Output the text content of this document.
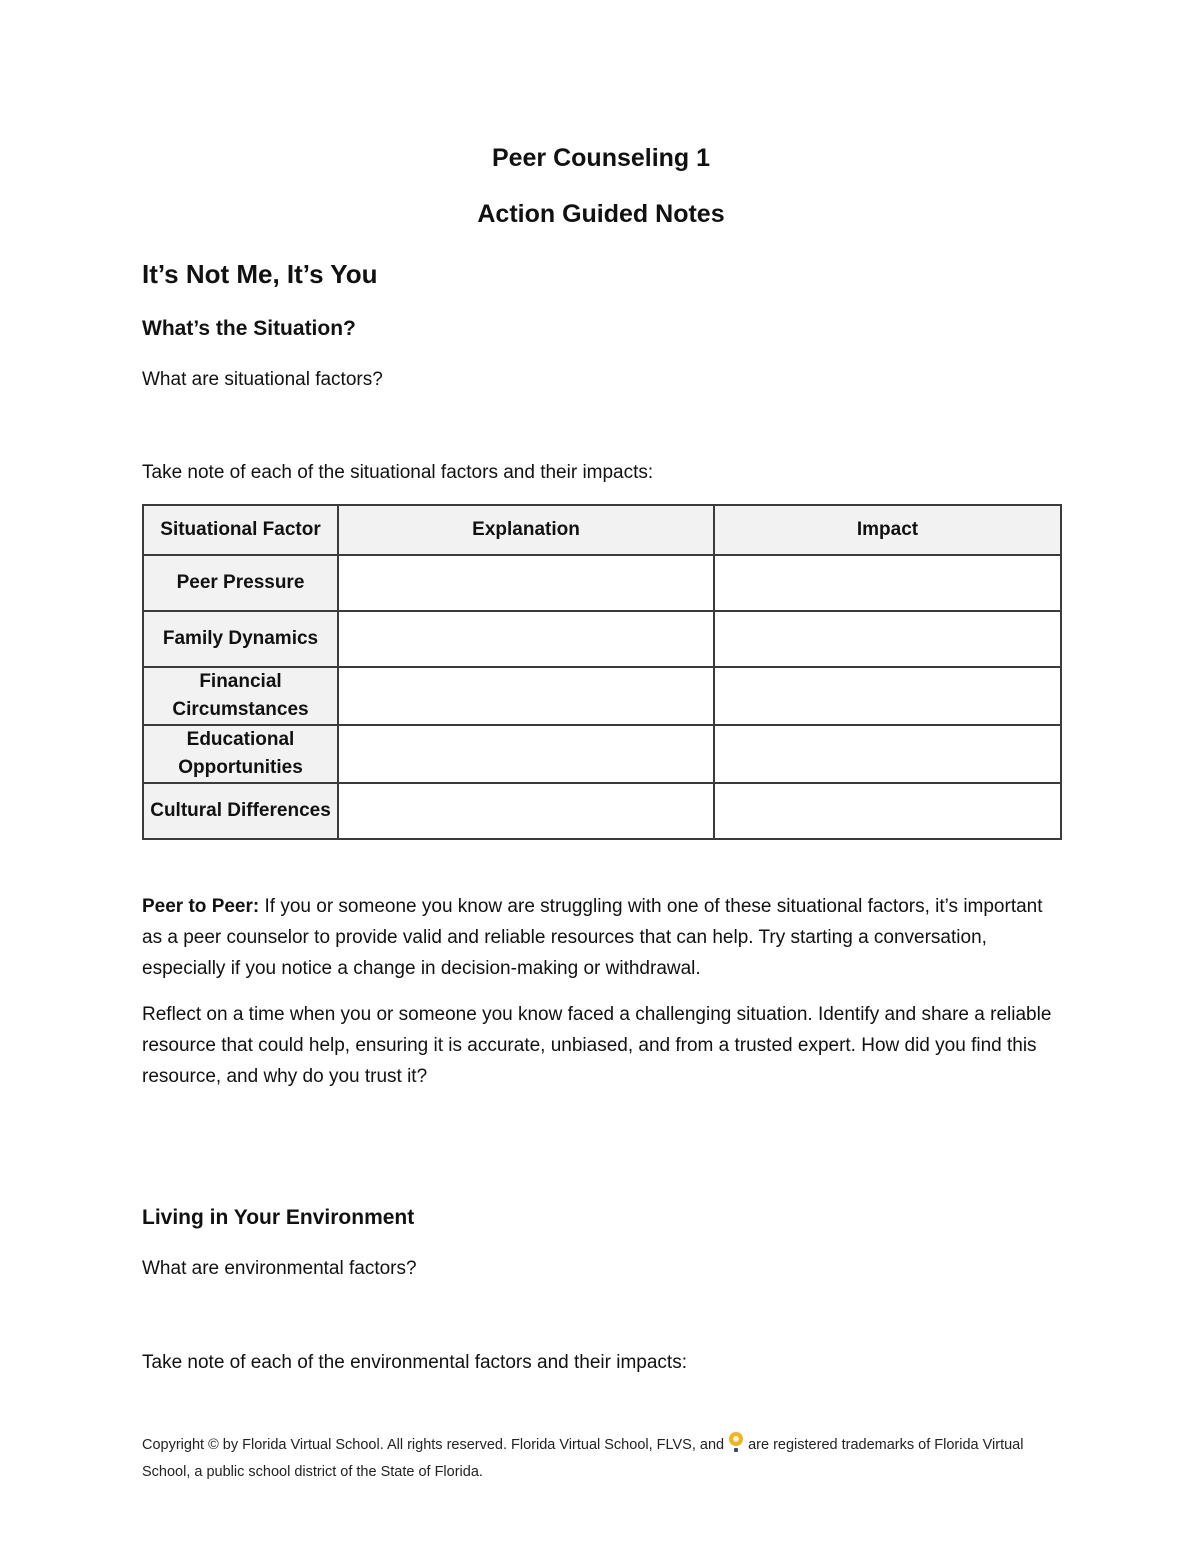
Peer Counseling 1
Action Guided Notes
It’s Not Me, It’s You
What’s the Situation?
What are situational factors?
Take note of each of the situational factors and their impacts:
Situational Factor	Explanation	Impact
Peer Pressure		
Family Dynamics		
Financial Circumstances		
Educational Opportunities		
Cultural Differences		
Peer to Peer: If you or someone you know are struggling with one of these situational factors, it’s important as a peer counselor to provide valid and reliable resources that can help. Try starting a conversation, especially if you notice a change in decision-making or withdrawal.
Reflect on a time when you or someone you know faced a challenging situation. Identify and share a reliable resource that could help, ensuring it is accurate, unbiased, and from a trusted expert. How did you find this resource, and why do you trust it?
Living in Your Environment
What are environmental factors?
Take note of each of the environmental factors and their impacts:
Copyright © by Florida Virtual School. All rights reserved. Florida Virtual School, FLVS, and are registered trademarks of Florida Virtual School, a public school district of the State of Florida.
